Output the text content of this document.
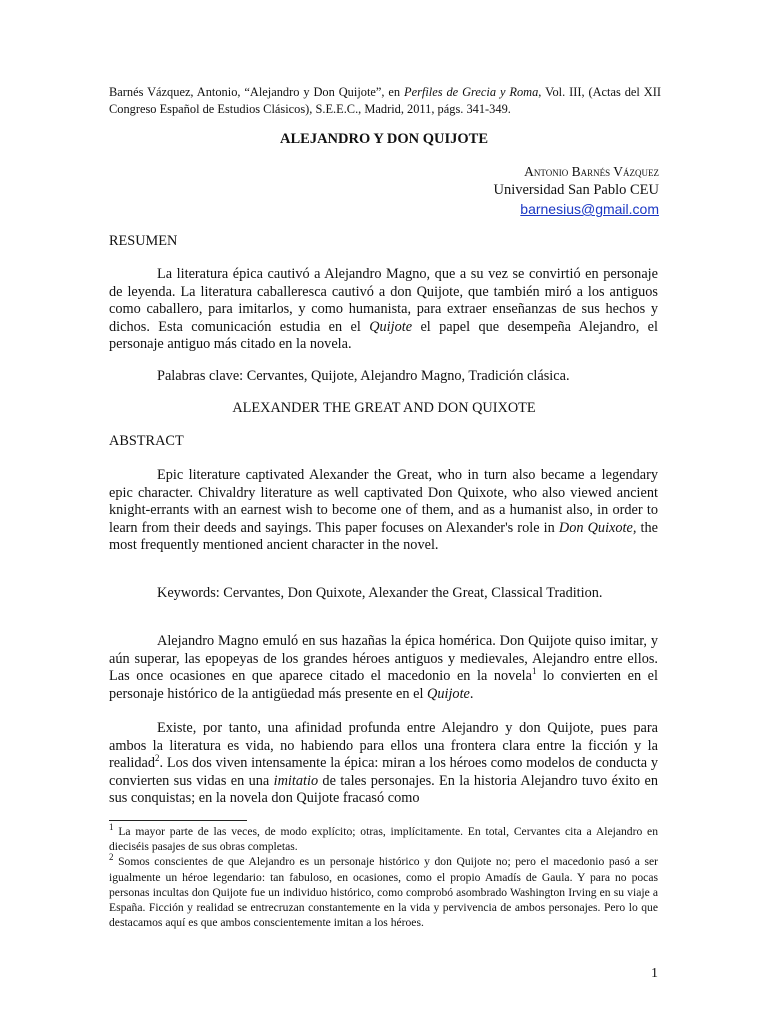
Barnés Vázquez, Antonio, “Alejandro y Don Quijote”, en Perfiles de Grecia y Roma, Vol. III, (Actas del XII Congreso Español de Estudios Clásicos), S.E.E.C., Madrid, 2011, págs. 341-349.

ALEJANDRO Y DON QUIJOTE
Antonio Barnés Vázquez
Universidad San Pablo CEU
barnesius@gmail.com

RESUMEN

La literatura épica cautivó a Alejandro Magno, que a su vez se convirtió en personaje de leyenda. La literatura caballeresca cautivó a don Quijote, que también miró a los antiguos como caballero, para imitarlos, y como humanista, para extraer enseñanzas de sus hechos y dichos. Esta comunicación estudia en el Quijote el papel que desempeña Alejandro, el personaje antiguo más citado en la novela.

Palabras clave: Cervantes, Quijote, Alejandro Magno, Tradición clásica.

ALEXANDER THE GREAT AND DON QUIXOTE

ABSTRACT

Epic literature captivated Alexander the Great, who in turn also became a legendary epic character. Chivaldry literature as well captivated Don Quixote, who also viewed ancient knight-errants with an earnest wish to become one of them, and as a humanist also, in order to learn from their deeds and sayings. This paper focuses on Alexander's role in Don Quixote, the most frequently mentioned ancient character in the novel.

Keywords: Cervantes, Don Quixote, Alexander the Great, Classical Tradition.

Alejandro Magno emuló en sus hazañas la épica homérica. Don Quijote quiso imitar, y aún superar, las epopeyas de los grandes héroes antiguos y medievales, Alejandro entre ellos. Las once ocasiones en que aparece citado el macedonio en la novela$^1$ lo convierten en el personaje histórico de la antigüedad más presente en el Quijote.

Existe, por tanto, una afinidad profunda entre Alejandro y don Quijote, pues para ambos la literatura es vida, no habiendo para ellos una frontera clara entre la ficción y la realidad$^2$. Los dos viven intensamente la épica: miran a los héroes como modelos de conducta y convierten sus vidas en una imitatio de tales personajes. En la historia Alejandro tuvo éxito en sus conquistas; en la novela don Quijote fracasó como

$^1$ La mayor parte de las veces, de modo explícito; otras, implícitamente. En total, Cervantes cita a Alejandro en dieciséis pasajes de sus obras completas.

$^2$ Somos conscientes de que Alejandro es un personaje histórico y don Quijote no; pero el macedonio pasó a ser igualmente un héroe legendario: tan fabuloso, en ocasiones, como el propio Amadís de Gaula. Y para no pocas personas incultas don Quijote fue un individuo histórico, como comprobó asombrado Washington Irving en su viaje a España. Ficción y realidad se entrecruzan constantemente en la vida y pervivencia de ambos personajes. Pero lo que destacamos aquí es que ambos conscientemente imitan a los héroes.

1
